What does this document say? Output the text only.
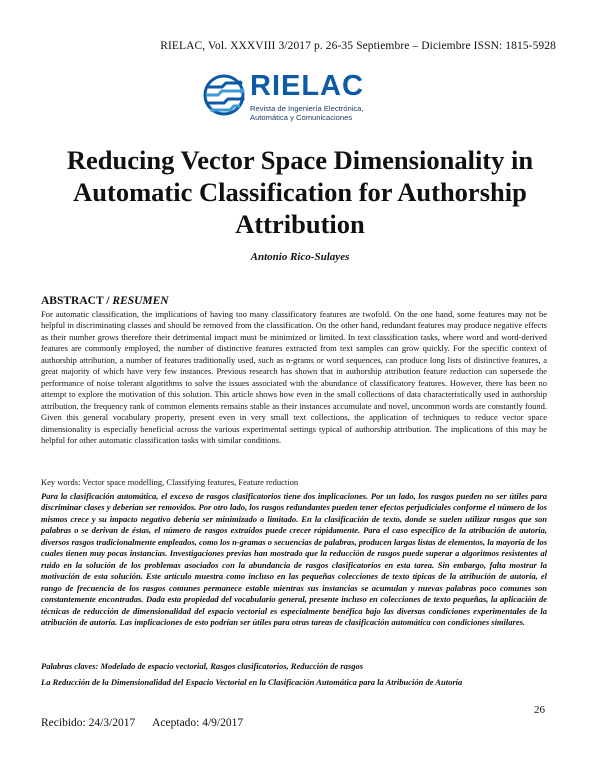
RIELAC, Vol. XXXVIII 3/2017 p. 26-35 Septiembre – Diciembre ISSN: 1815-5928
RIELAC
Revista de Ingeniería Electrónica,
Automática y Comunicaciones
Reducing Vector Space Dimensionality in Automatic Classification for Authorship Attribution
Antonio Rico-Sulayes
ABSTRACT / RESUMEN
For automatic classification, the implications of having too many classificatory features are twofold. On the one hand, some features may not be helpful in discriminating classes and should be removed from the classification. On the other hand, redundant features may produce negative effects as their number grows therefore their detrimental impact must be minimized or limited. In text classification tasks, where word and word-derived features are commonly employed, the number of distinctive features extracted from text samples can grow quickly. For the specific context of authorship attribution, a number of features traditionally used, such as n-grams or word sequences, can produce long lists of distinctive features, a great majority of which have very few instances. Previous research has shown that in authorship attribution feature reduction can supersede the performance of noise tolerant algorithms to solve the issues associated with the abundance of classificatory features. However, there has been no attempt to explore the motivation of this solution. This article shows how even in the small collections of data characteristically used in authorship attribution, the frequency rank of common elements remains stable as their instances accumulate and novel, uncommon words are constantly found. Given this general vocabulary property, present even in very small text collections, the application of techniques to reduce vector space dimensionality is especially beneficial across the various experimental settings typical of authorship attribution. The implications of this may be helpful for other automatic classification tasks with similar conditions.
Key words: Vector space modelling, Classifying features, Feature reduction
Para la clasificación automática, el exceso de rasgos clasificatorios tiene dos implicaciones. Por un lado, los rasgos pueden no ser útiles para discriminar clases y deberían ser removidos. Por otro lado, los rasgos redundantes pueden tener efectos perjudiciales conforme el número de los mismos crece y su impacto negativo debería ser minimizado o limitado. En la clasificación de texto, donde se suelen utilizar rasgos que son palabras o se derivan de éstas, el número de rasgos extraídos puede crecer rápidamente. Para el caso específico de la atribución de autoría, diversos rasgos tradicionalmente empleados, como los n-gramas o secuencias de palabras, producen largas listas de elementos, la mayoría de los cuales tienen muy pocas instancias. Investigaciones previas han mostrado que la reducción de rasgos puede superar a algoritmos resistentes al ruido en la solución de los problemas asociados con la abundancia de rasgos clasificatorios en esta tarea. Sin embargo, falta mostrar la motivación de esta solución. Este artículo muestra como incluso en las pequeñas colecciones de texto típicas de la atribución de autoría, el rango de frecuencia de los rasgos comunes permanece estable mientras sus instancias se acumulan y nuevas palabras poco comunes son constantemente encontradas. Dada esta propiedad del vocabulario general, presente incluso en colecciones de texto pequeñas, la aplicación de técnicas de reducción de dimensionalidad del espacio vectorial es especialmente benéfica bajo las diversas condiciones experimentales de la atribución de autoría. Las implicaciones de esto podrían ser útiles para otras tareas de clasificación automática con condiciones similares.
Palabras claves: Modelado de espacio vectorial, Rasgos clasificatorios, Reducción de rasgos
La Reducción de la Dimensionalidad del Espacio Vectorial en la Clasificación Automática para la Atribución de Autoría
26
Recibido: 24/3/2017 Aceptado: 4/9/2017
